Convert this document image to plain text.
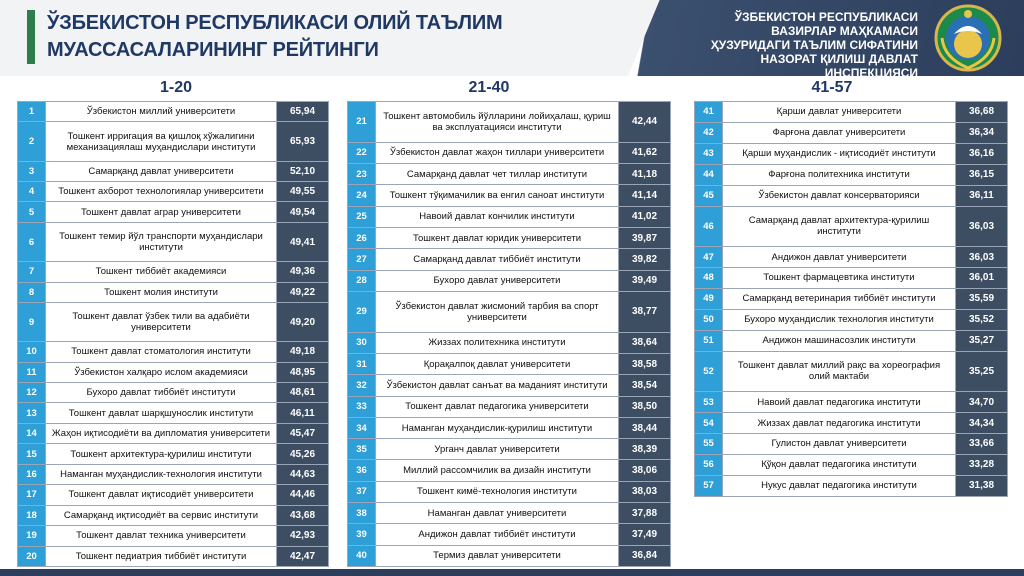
ЎЗБЕКИСТОН РЕСПУБЛИКАСИ ОЛИЙ ТАЪЛИМ МУАССАСАЛАРИНИНГ РЕЙТИНГИ
ЎЗБЕКИСТОН РЕСПУБЛИКАСИ ВАЗИРЛАР МАҲКАМАСИ ҲУЗУРИДАГИ ТАЪЛИМ СИФАТИНИ НАЗОРАТ ҚИЛИШ ДАВЛАТ ИНСПЕКЦИЯСИ
1-20	21-40	41-57
1	Ўзбекистон миллий университети	65,94
2	Тошкент ирригация ва қишлоқ хўжалигини механизациялаш муҳандислари институти	65,93
3	Самарқанд давлат университети	52,10
4	Тошкент ахборот технологиялар университети	49,55
5	Тошкент давлат аграр университети	49,54
6	Тошкент темир йўл транспорти муҳандислари институти	49,41
7	Тошкент тиббиёт академияси	49,36
8	Тошкент молия институти	49,22
9	Тошкент давлат ўзбек тили ва адабиёти университети	49,20
10	Тошкент давлат стоматология институти	49,18
11	Ўзбекистон халқаро ислом академияси	48,95
12	Бухоро давлат тиббиёт институти	48,61
13	Тошкент давлат шарқшунослик институти	46,11
14	Жаҳон иқтисодиёти ва дипломатия университети	45,47
15	Тошкент архитектура-қурилиш институти	45,26
16	Наманган муҳандислик-технология институти	44,63
17	Тошкент давлат иқтисодиёт университети	44,46
18	Самарқанд иқтисодиёт ва сервис институти	43,68
19	Тошкент давлат техника университети	42,93
20	Тошкент педиатрия тиббиёт институти	42,47
21	Тошкент автомобиль йўлларини лойиҳалаш, қуриш ва эксплуатацияси институти	42,44
22	Ўзбекистон давлат жаҳон тиллари университети	41,62
23	Самарқанд давлат чет тиллар институти	41,18
24	Тошкент тўқимачилик ва енгил саноат институти	41,14
25	Навоий давлат кончилик институти	41,02
26	Тошкент давлат юридик университети	39,87
27	Самарқанд давлат тиббиёт институти	39,82
28	Бухоро давлат университети	39,49
29	Ўзбекистон давлат жисмоний тарбия ва спорт университети	38,77
30	Жиззах политехника институти	38,64
31	Қорақалпоқ давлат университети	38,58
32	Ўзбекистон давлат санъат ва маданият институти	38,54
33	Тошкент давлат педагогика университети	38,50
34	Наманган муҳандислик-қурилиш институти	38,44
35	Урганч давлат университети	38,39
36	Миллий рассомчилик ва дизайн институти	38,06
37	Тошкент кимё-технология институти	38,03
38	Наманган давлат университети	37,88
39	Андижон давлат тиббиёт институти	37,49
40	Термиз давлат университети	36,84
41	Қарши давлат университети	36,68
42	Фарғона давлат университети	36,34
43	Қарши муҳандислик - иқтисодиёт институти	36,16
44	Фарғона политехника институти	36,15
45	Ўзбекистон давлат консерваторияси	36,11
46	Самарқанд давлат архитектура-қурилиш институти	36,03
47	Андижон давлат университети	36,03
48	Тошкент фармацевтика институти	36,01
49	Самарқанд ветеринария тиббиёт институти	35,59
50	Бухоро муҳандислик технология институти	35,52
51	Андижон машинасозлик институти	35,27
52	Тошкент давлат миллий рақс ва хореография олий мактаби	35,25
53	Навоий давлат педагогика институти	34,70
54	Жиззах давлат педагогика институти	34,34
55	Гулистон давлат университети	33,66
56	Қўқон давлат педагогика институти	33,28
57	Нукус давлат педагогика институти	31,38
